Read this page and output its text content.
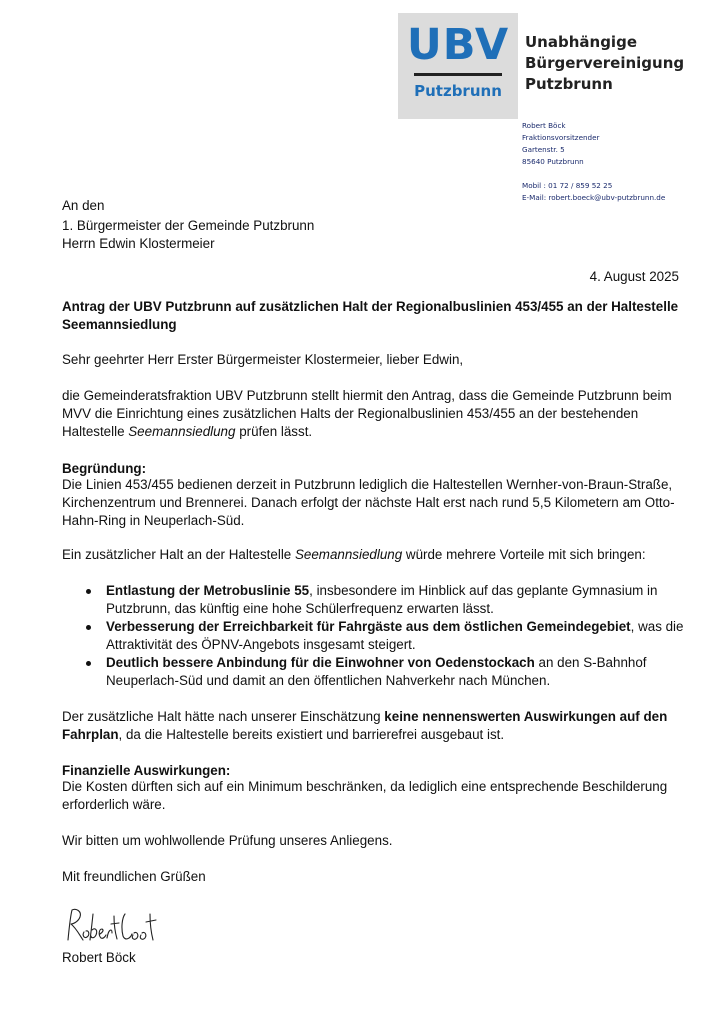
UBV
Putzbrunn
Unabhängige
Bürgervereinigung
Putzbrunn
Robert Böck
Fraktionsvorsitzender
Gartenstr. 5
85640 Putzbrunn
Mobil : 01 72 / 859 52 25
E-Mail: robert.boeck@ubv-putzbrunn.de
An den
1. Bürgermeister der Gemeinde Putzbrunn
Herrn Edwin Klostermeier
4. August 2025
Antrag der UBV Putzbrunn auf zusätzlichen Halt der Regionalbuslinien 453/455 an der Haltestelle
Seemannsiedlung
Sehr geehrter Herr Erster Bürgermeister Klostermeier, lieber Edwin,
die Gemeinderatsfraktion UBV Putzbrunn stellt hiermit den Antrag, dass die Gemeinde Putzbrunn beim
MVV die Einrichtung eines zusätzlichen Halts der Regionalbuslinien 453/455 an der bestehenden
Haltestelle Seemannsiedlung prüfen lässt.
Begründung:
Die Linien 453/455 bedienen derzeit in Putzbrunn lediglich die Haltestellen Wernher-von-Braun-Straße,
Kirchenzentrum und Brennerei. Danach erfolgt der nächste Halt erst nach rund 5,5 Kilometern am Otto-
Hahn-Ring in Neuperlach-Süd.
Ein zusätzlicher Halt an der Haltestelle Seemannsiedlung würde mehrere Vorteile mit sich bringen:
Entlastung der Metrobuslinie 55, insbesondere im Hinblick auf das geplante Gymnasium in
Putzbrunn, das künftig eine hohe Schülerfrequenz erwarten lässt.
Verbesserung der Erreichbarkeit für Fahrgäste aus dem östlichen Gemeindegebiet, was die
Attraktivität des ÖPNV-Angebots insgesamt steigert.
Deutlich bessere Anbindung für die Einwohner von Oedenstockach an den S-Bahnhof
Neuperlach-Süd und damit an den öffentlichen Nahverkehr nach München.
Der zusätzliche Halt hätte nach unserer Einschätzung keine nennenswerten Auswirkungen auf den
Fahrplan, da die Haltestelle bereits existiert und barrierefrei ausgebaut ist.
Finanzielle Auswirkungen:
Die Kosten dürften sich auf ein Minimum beschränken, da lediglich eine entsprechende Beschilderung
erforderlich wäre.
Wir bitten um wohlwollende Prüfung unseres Anliegens.
Mit freundlichen Grüßen
Robert Böck
